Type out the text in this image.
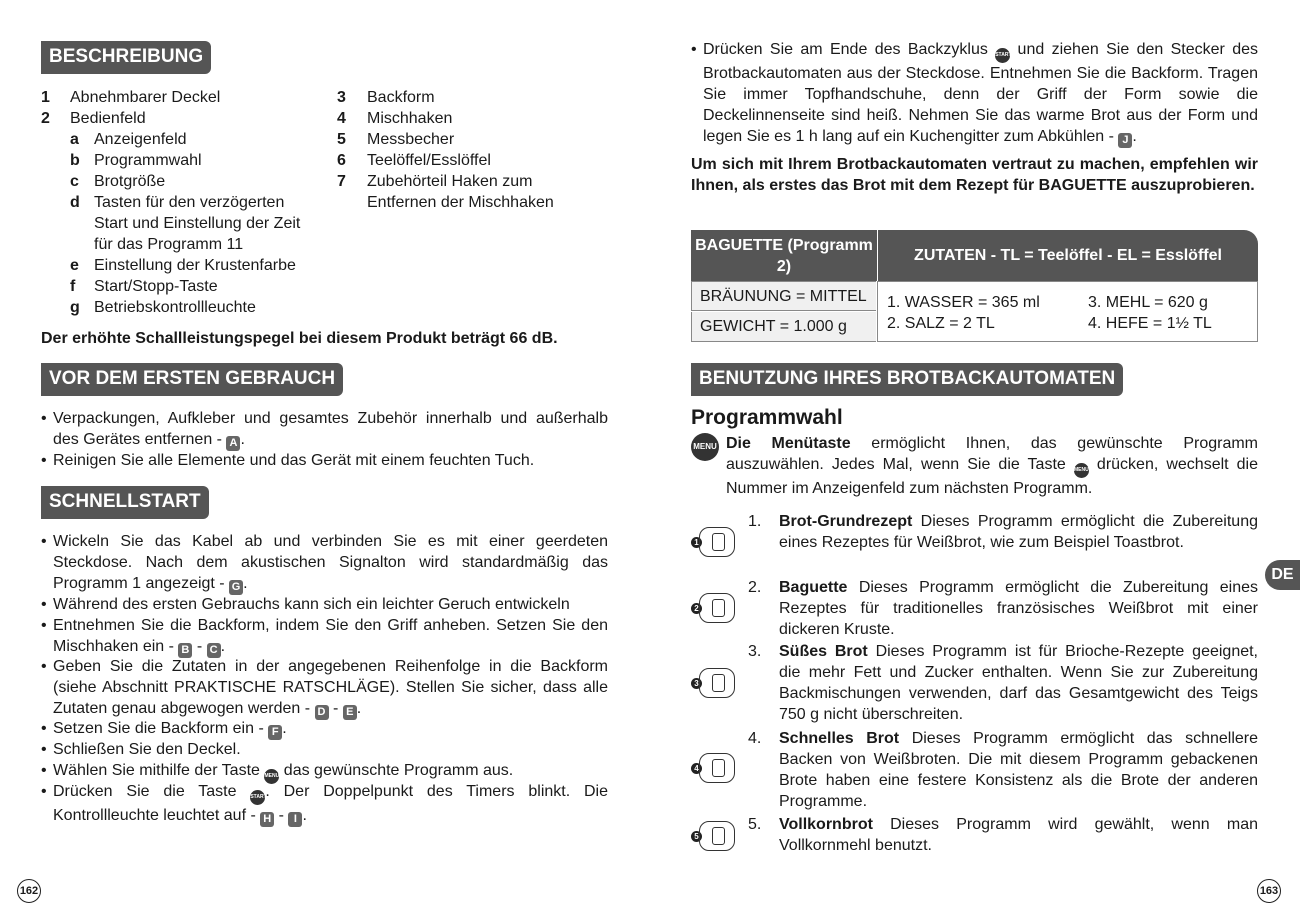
BESCHREIBUNG
1 Abnehmbarer Deckel
2 Bedienfeld
a Anzeigenfeld
b Programmwahl
c Brotgröße
d Tasten für den verzögerten Start und Einstellung der Zeit für das Programm 11
e Einstellung der Krustenfarbe
f Start/Stopp-Taste
g Betriebskontrollleuchte
3 Backform
4 Mischhaken
5 Messbecher
6 Teelöffel/Esslöffel
7 Zubehörteil Haken zum Entfernen der Mischhaken
Der erhöhte Schallleistungspegel bei diesem Produkt beträgt 66 dB.
VOR DEM ERSTEN GEBRAUCH
• Verpackungen, Aufkleber und gesamtes Zubehör innerhalb und außerhalb des Gerätes entfernen - A .
• Reinigen Sie alle Elemente und das Gerät mit einem feuchten Tuch.
SCHNELLSTART
• Wickeln Sie das Kabel ab und verbinden Sie es mit einer geerdeten Steckdose. Nach dem akustischen Signalton wird standardmäßig das Programm 1 angezeigt - G .
• Während des ersten Gebrauchs kann sich ein leichter Geruch entwickeln
• Entnehmen Sie die Backform, indem Sie den Griff anheben. Setzen Sie den Mischhaken ein - B - C .
• Geben Sie die Zutaten in der angegebenen Reihenfolge in die Backform (siehe Abschnitt PRAKTISCHE RATSCHLÄGE). Stellen Sie sicher, dass alle Zutaten genau abgewogen werden - D - E .
• Setzen Sie die Backform ein - F .
• Schließen Sie den Deckel.
• Wählen Sie mithilfe der Taste MENU das gewünschte Programm aus.
• Drücken Sie die Taste START. Der Doppelpunkt des Timers blinkt. Die Kontrollleuchte leuchtet auf - H - I .
162
• Drücken Sie am Ende des Backzyklus START und ziehen Sie den Stecker des Brotbackautomaten aus der Steckdose. Entnehmen Sie die Backform. Tragen Sie immer Topfhandschuhe, denn der Griff der Form sowie die Deckelinnenseite sind heiß. Nehmen Sie das warme Brot aus der Form und legen Sie es 1 h lang auf ein Kuchengitter zum Abkühlen - J .
Um sich mit Ihrem Brotbackautomaten vertraut zu machen, empfehlen wir Ihnen, als erstes das Brot mit dem Rezept für BAGUETTE auszuprobieren.
BAGUETTE (Programm 2)
ZUTATEN - TL = Teelöffel - EL = Esslöffel
BRÄUNUNG = MITTEL
GEWICHT = 1.000 g
1. WASSER = 365 ml
2. SALZ = 2 TL
3. MEHL = 620 g
4. HEFE = 1½ TL
BENUTZUNG IHRES BROTBACKAUTOMATEN
Programmwahl
MENU Die Menütaste ermöglicht Ihnen, das gewünschte Programm auszuwählen. Jedes Mal, wenn Sie die Taste MENU drücken, wechselt die Nummer im Anzeigenfeld zum nächsten Programm.
1
1. Brot-Grundrezept Dieses Programm ermöglicht die Zubereitung eines Rezeptes für Weißbrot, wie zum Beispiel Toastbrot.
2
2. Baguette Dieses Programm ermöglicht die Zubereitung eines Rezeptes für traditionelles französisches Weißbrot mit einer dickeren Kruste.
3
3. Süßes Brot Dieses Programm ist für Brioche-Rezepte geeignet, die mehr Fett und Zucker enthalten. Wenn Sie zur Zubereitung Backmischungen verwenden, darf das Gesamtgewicht des Teigs 750 g nicht überschreiten.
4
4. Schnelles Brot Dieses Programm ermöglicht das schnellere Backen von Weißbroten. Die mit diesem Programm gebackenen Brote haben eine festere Konsistenz als die Brote der anderen Programme.
5
5. Vollkornbrot Dieses Programm wird gewählt, wenn man Vollkornmehl benutzt.
DE
163
